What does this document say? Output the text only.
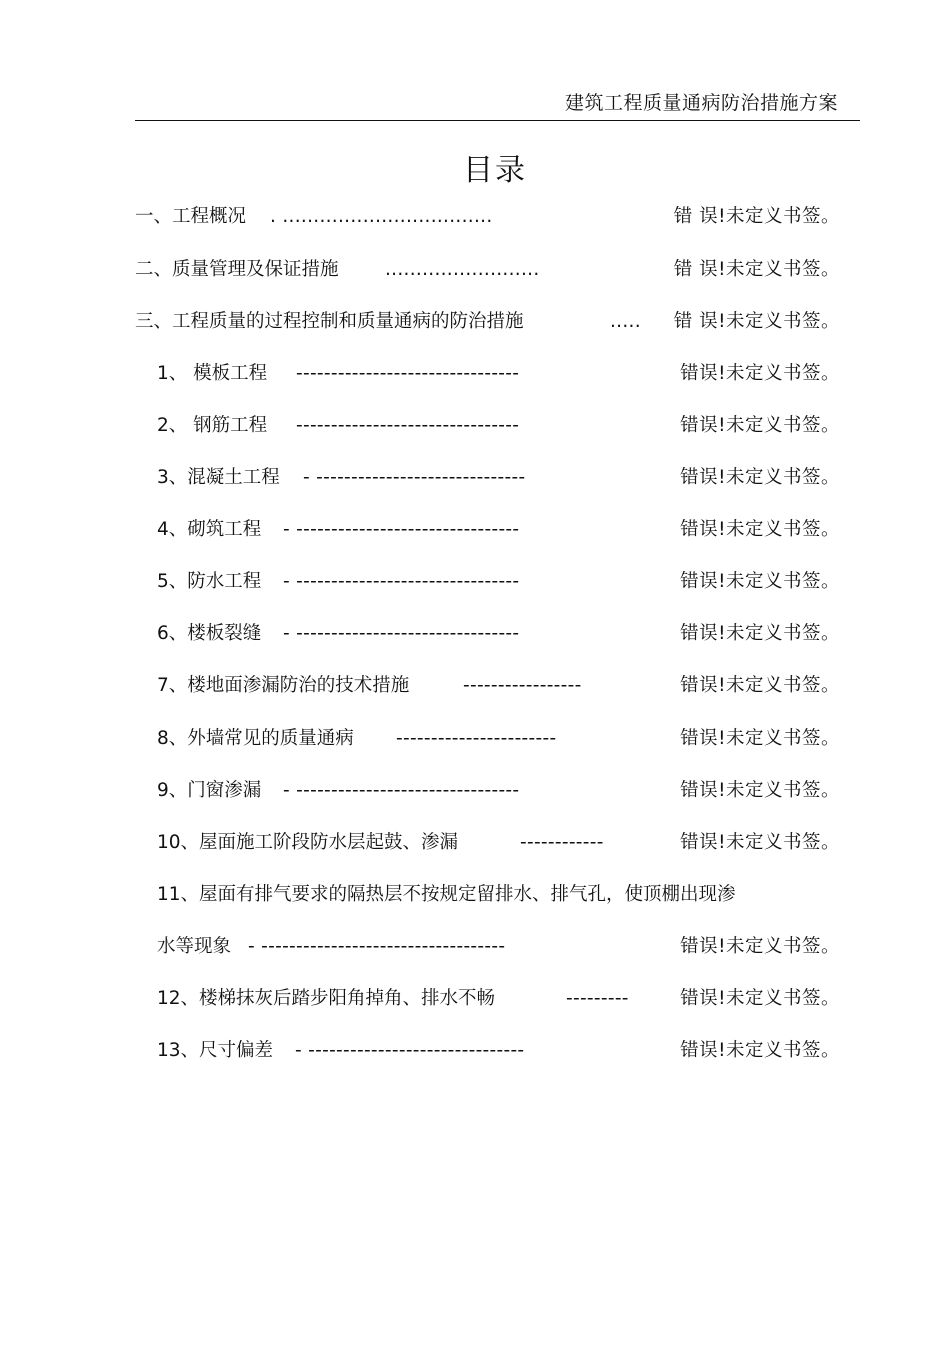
建筑工程质量通病防治措施方案
目录
一、工程概况 . ..................................	错 误!未定义书签。
二、质量管理及保证措施	.........................	错 误!未定义书签。
三、工程质量的过程控制和质量通病的防治措施	..... 错 误!未定义书签。
1、 模板工程 --------------------------------	错误!未定义书签。
2、 钢筋工程 --------------------------------	错误!未定义书签。
3、混凝土工程 - ------------------------------	错误!未定义书签。
4、砌筑工程 - --------------------------------	错误!未定义书签。
5、防水工程 - --------------------------------	错误!未定义书签。
6、楼板裂缝 - --------------------------------	错误!未定义书签。
7、楼地面渗漏防治的技术措施	-----------------	错误!未定义书签。
8、外墙常见的质量通病 -----------------------	错误!未定义书签。
9、门窗渗漏 - --------------------------------	错误!未定义书签。
10、屋面施工阶段防水层起鼓、渗漏	------------	错误!未定义书签。
11、屋面有排气要求的隔热层不按规定留排水、排气孔，使顶棚出现渗
水等现象 - -----------------------------------	错误!未定义书签。
12、楼梯抹灰后踏步阳角掉角、排水不畅	---------	错误!未定义书签。
13、尺寸偏差 - -------------------------------	错误!未定义书签。
